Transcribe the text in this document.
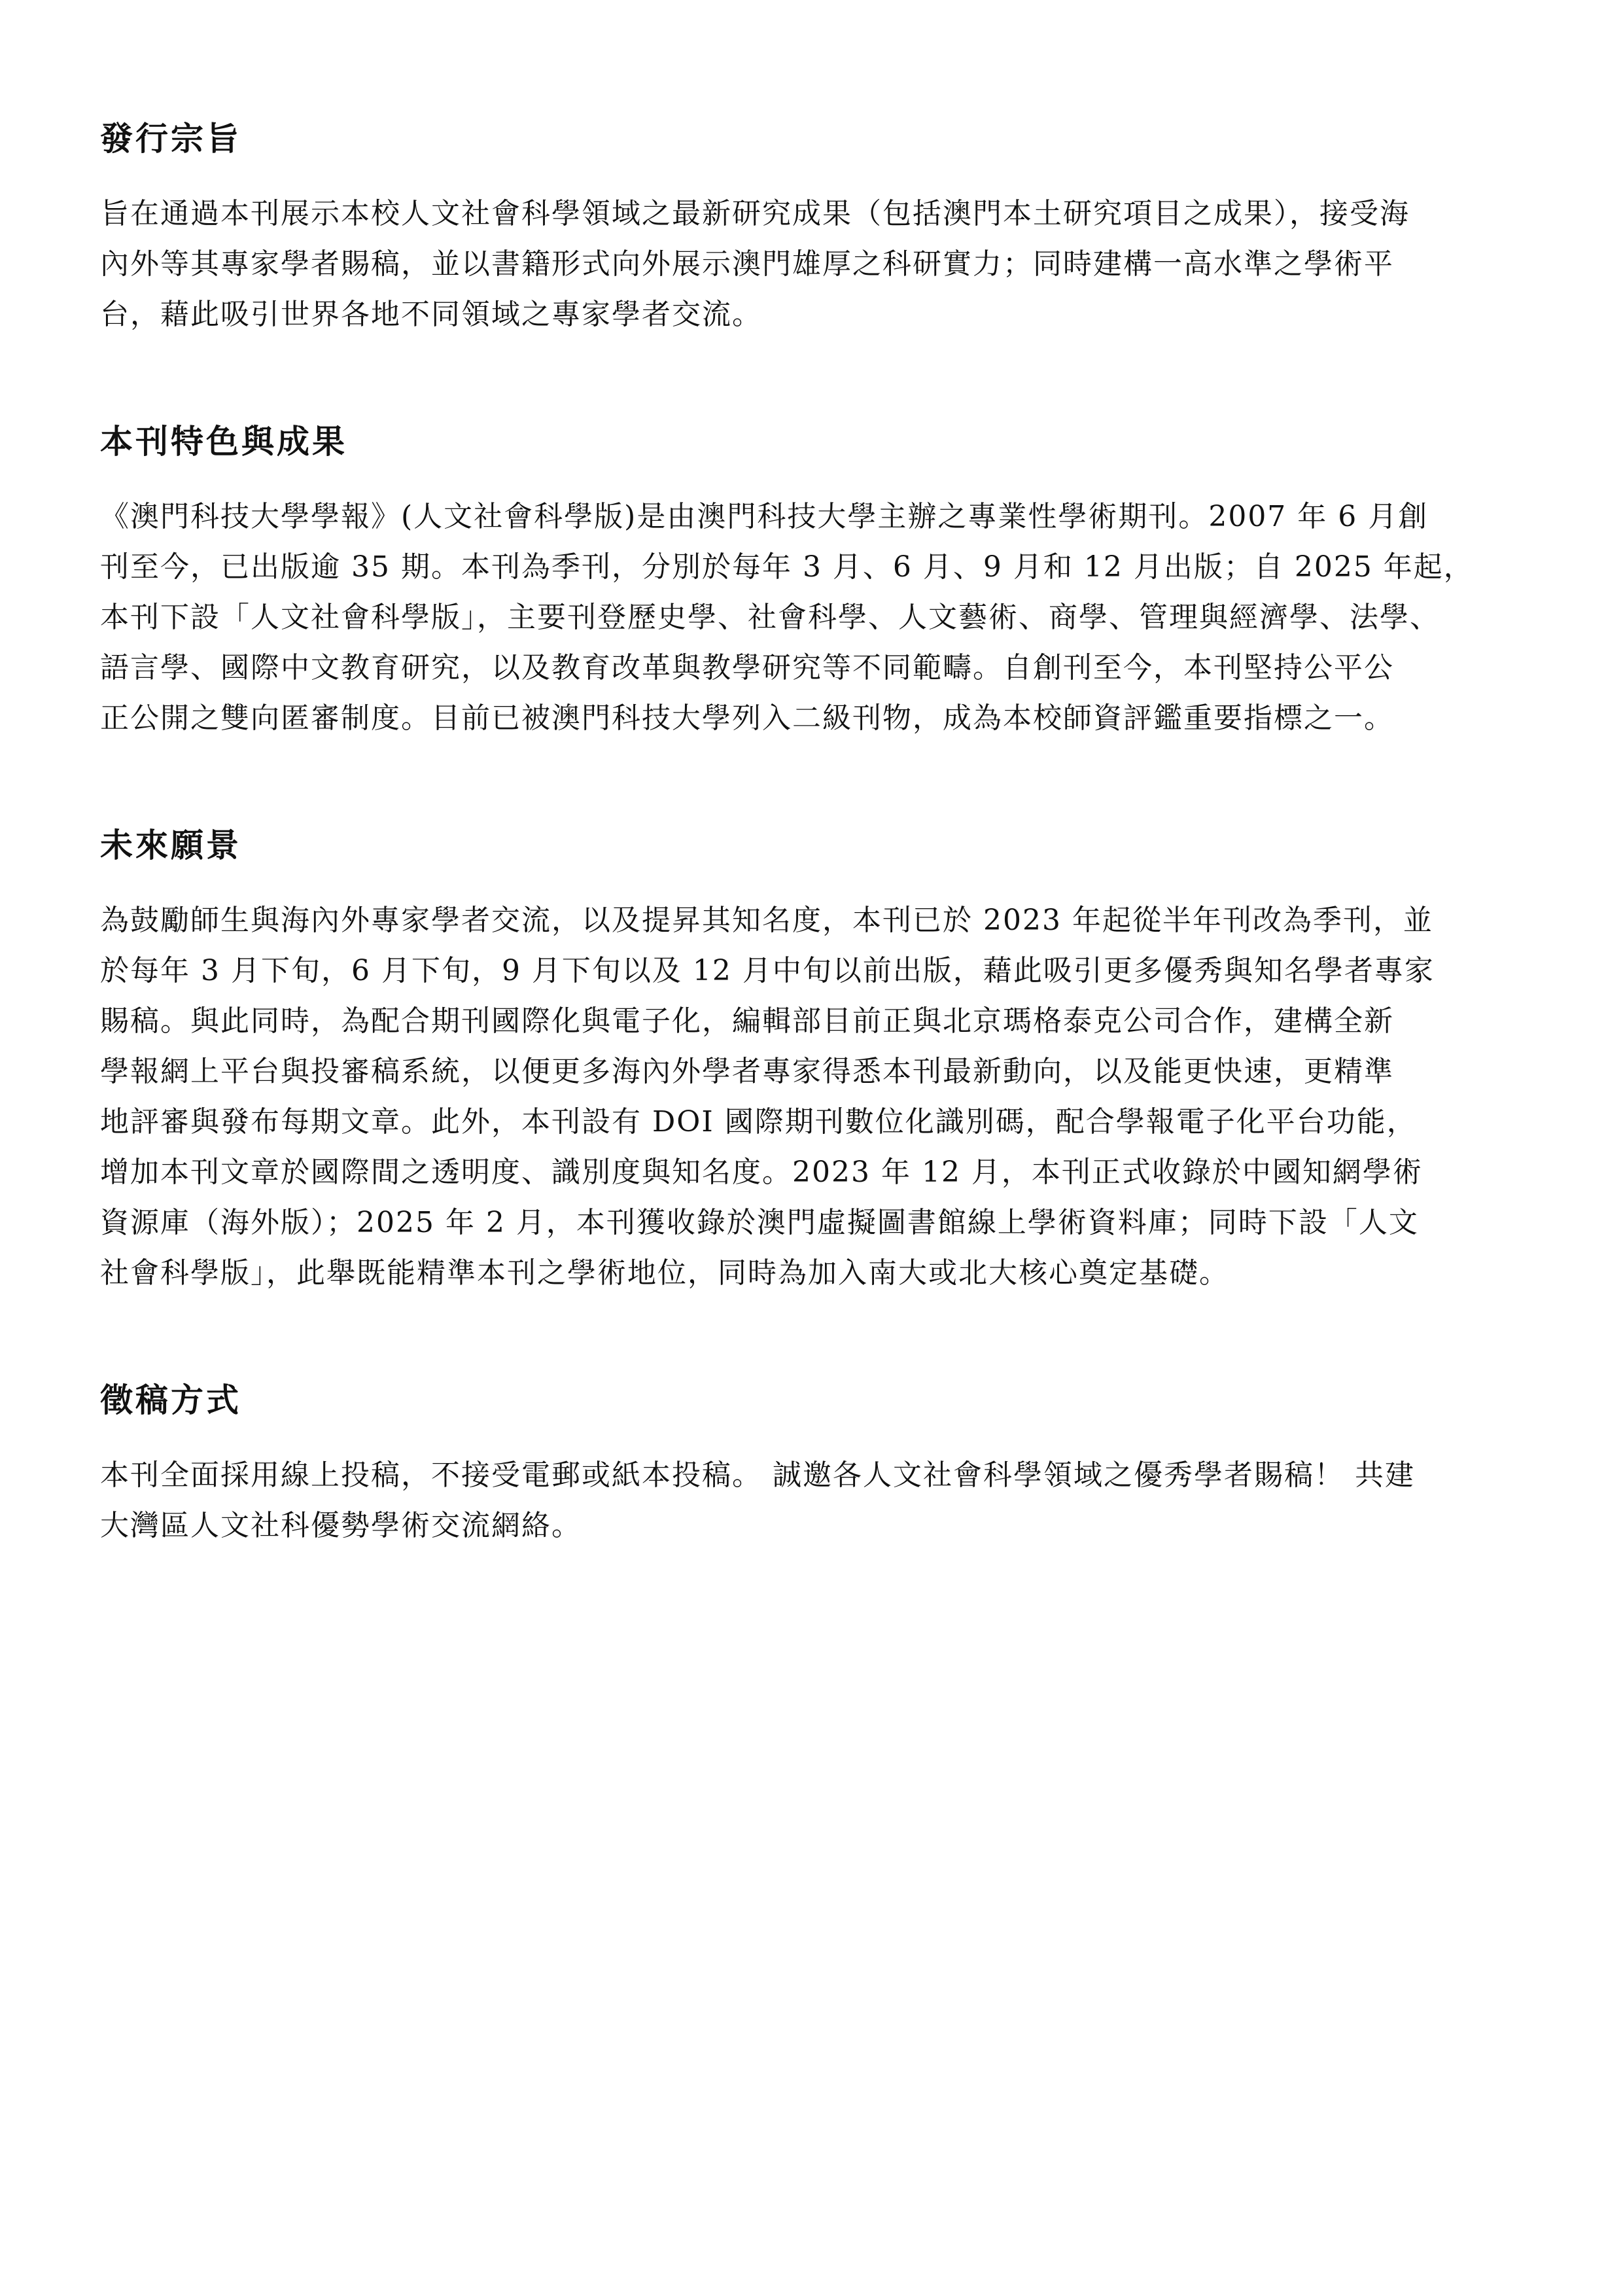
發行宗旨

旨在通過本刊展示本校人文社會科學領域之最新研究成果（包括澳門本土研究項目之成果），接受海
內外等其專家學者賜稿，並以書籍形式向外展示澳門雄厚之科研實力；同時建構一高水準之學術平
台，藉此吸引世界各地不同領域之專家學者交流。

本刊特色與成果

《澳門科技大學學報》(人文社會科學版)是由澳門科技大學主辦之專業性學術期刊。2007 年 6 月創
刊至今，已出版逾 35 期。本刊為季刊，分別於每年 3 月、6 月、9 月和 12 月出版；自 2025 年起，
本刊下設「人文社會科學版」，主要刊登歷史學、社會科學、人文藝術、商學、管理與經濟學、法學、
語言學、國際中文教育研究，以及教育改革與教學研究等不同範疇。自創刊至今，本刊堅持公平公
正公開之雙向匿審制度。目前已被澳門科技大學列入二級刊物，成為本校師資評鑑重要指標之一。

未來願景

為鼓勵師生與海內外專家學者交流，以及提昇其知名度，本刊已於 2023 年起從半年刊改為季刊，並
於每年 3 月下旬，6 月下旬，9 月下旬以及 12 月中旬以前出版，藉此吸引更多優秀與知名學者專家
賜稿。與此同時，為配合期刊國際化與電子化，編輯部目前正與北京瑪格泰克公司合作，建構全新
學報網上平台與投審稿系統，以便更多海內外學者專家得悉本刊最新動向，以及能更快速，更精準
地評審與發布每期文章。此外，本刊設有 DOI 國際期刊數位化識別碼，配合學報電子化平台功能，
增加本刊文章於國際間之透明度、識別度與知名度。2023 年 12 月，本刊正式收錄於中國知網學術
資源庫（海外版）；2025 年 2 月，本刊獲收錄於澳門虛擬圖書館線上學術資料庫；同時下設「人文
社會科學版」，此舉既能精準本刊之學術地位，同時為加入南大或北大核心奠定基礎。

徵稿方式

本刊全面採用線上投稿，不接受電郵或紙本投稿。 誠邀各人文社會科學領域之優秀學者賜稿！ 共建
大灣區人文社科優勢學術交流網絡。
